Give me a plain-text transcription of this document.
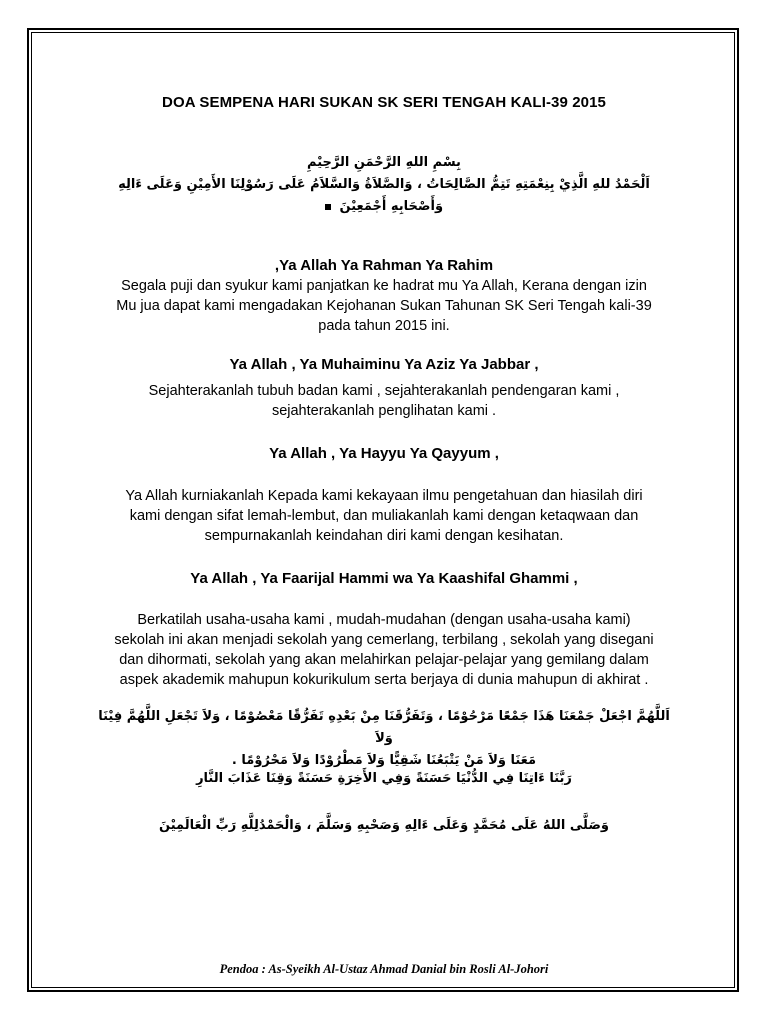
DOA SEMPENA HARI SUKAN SK SERI TENGAH KALI-39 2015
بِسْمِ اللهِ الرَّحْمَنِ الرَّحِيْمِ
اَلْحَمْدُ للهِ الَّذِيْ بِنِعْمَتِهِ تَتِمُّ الصَّالِحَاتُ ، وَالصَّلاَةُ وَالسَّلاَمُ عَلَى رَسُوْلِنَا الأَمِيْنِ وَعَلَى ءَالِهِ
وَأَصْحَابِهِ أَجْمَعِيْنَ
,Ya Allah Ya Rahman Ya Rahim
Segala puji dan syukur kami panjatkan ke hadrat mu Ya Allah, Kerana dengan izin
Mu jua dapat kami mengadakan Kejohanan Sukan Tahunan SK Seri Tengah kali-39
pada tahun 2015 ini.
Ya Allah , Ya Muhaiminu Ya Aziz Ya Jabbar ,
Sejahterakanlah tubuh badan kami , sejahterakanlah pendengaran kami ,
sejahterakanlah penglihatan kami .
Ya Allah , Ya Hayyu Ya Qayyum ,
Ya Allah kurniakanlah Kepada kami kekayaan ilmu pengetahuan dan hiasilah diri
kami dengan sifat lemah-lembut, dan muliakanlah kami dengan ketaqwaan dan
sempurnakanlah keindahan diri kami dengan kesihatan.
Ya Allah , Ya Faarijal Hammi wa Ya Kaashifal Ghammi ,
Berkatilah usaha-usaha kami , mudah-mudahan (dengan usaha-usaha kami)
sekolah ini akan menjadi sekolah yang cemerlang, terbilang , sekolah yang disegani
dan dihormati, sekolah yang akan melahirkan pelajar-pelajar yang gemilang dalam
aspek akademik mahupun kokurikulum serta berjaya di dunia mahupun di akhirat .
اَللَّهُمَّ اجْعَلْ جَمْعَنَا هَذَا جَمْعًا مَرْحُوْمًا ، وَتَفَرُّقَنَا مِنْ بَعْدِهِ تَفَرُّقًا مَعْصُوْمًا ، وَلاَ تَجْعَلِ اللَّهُمَّ فِيْنَا وَلاَ
مَعَنَا وَلاَ مَنْ يَتْبَعُنَا شَقِيًّا وَلاَ مَطْرُوْدًا وَلاَ مَحْرُوْمًا .
رَبَّنَا ءَاتِنَا فِي الدُّنْيَا حَسَنَةً وَفِي الأَخِرَةِ حَسَنَةً وَقِنَا عَذَابَ النَّارِ
وَصَلَّى اللهُ عَلَى مُحَمَّدٍ وَعَلَى ءَالِهِ وَصَحْبِهِ وَسَلَّمَ ، وَالْحَمْدُلِلَّهِ رَبِّ الْعَالَمِيْنَ
Pendoa : As-Syeikh Al-Ustaz Ahmad Danial bin Rosli Al-Johori
